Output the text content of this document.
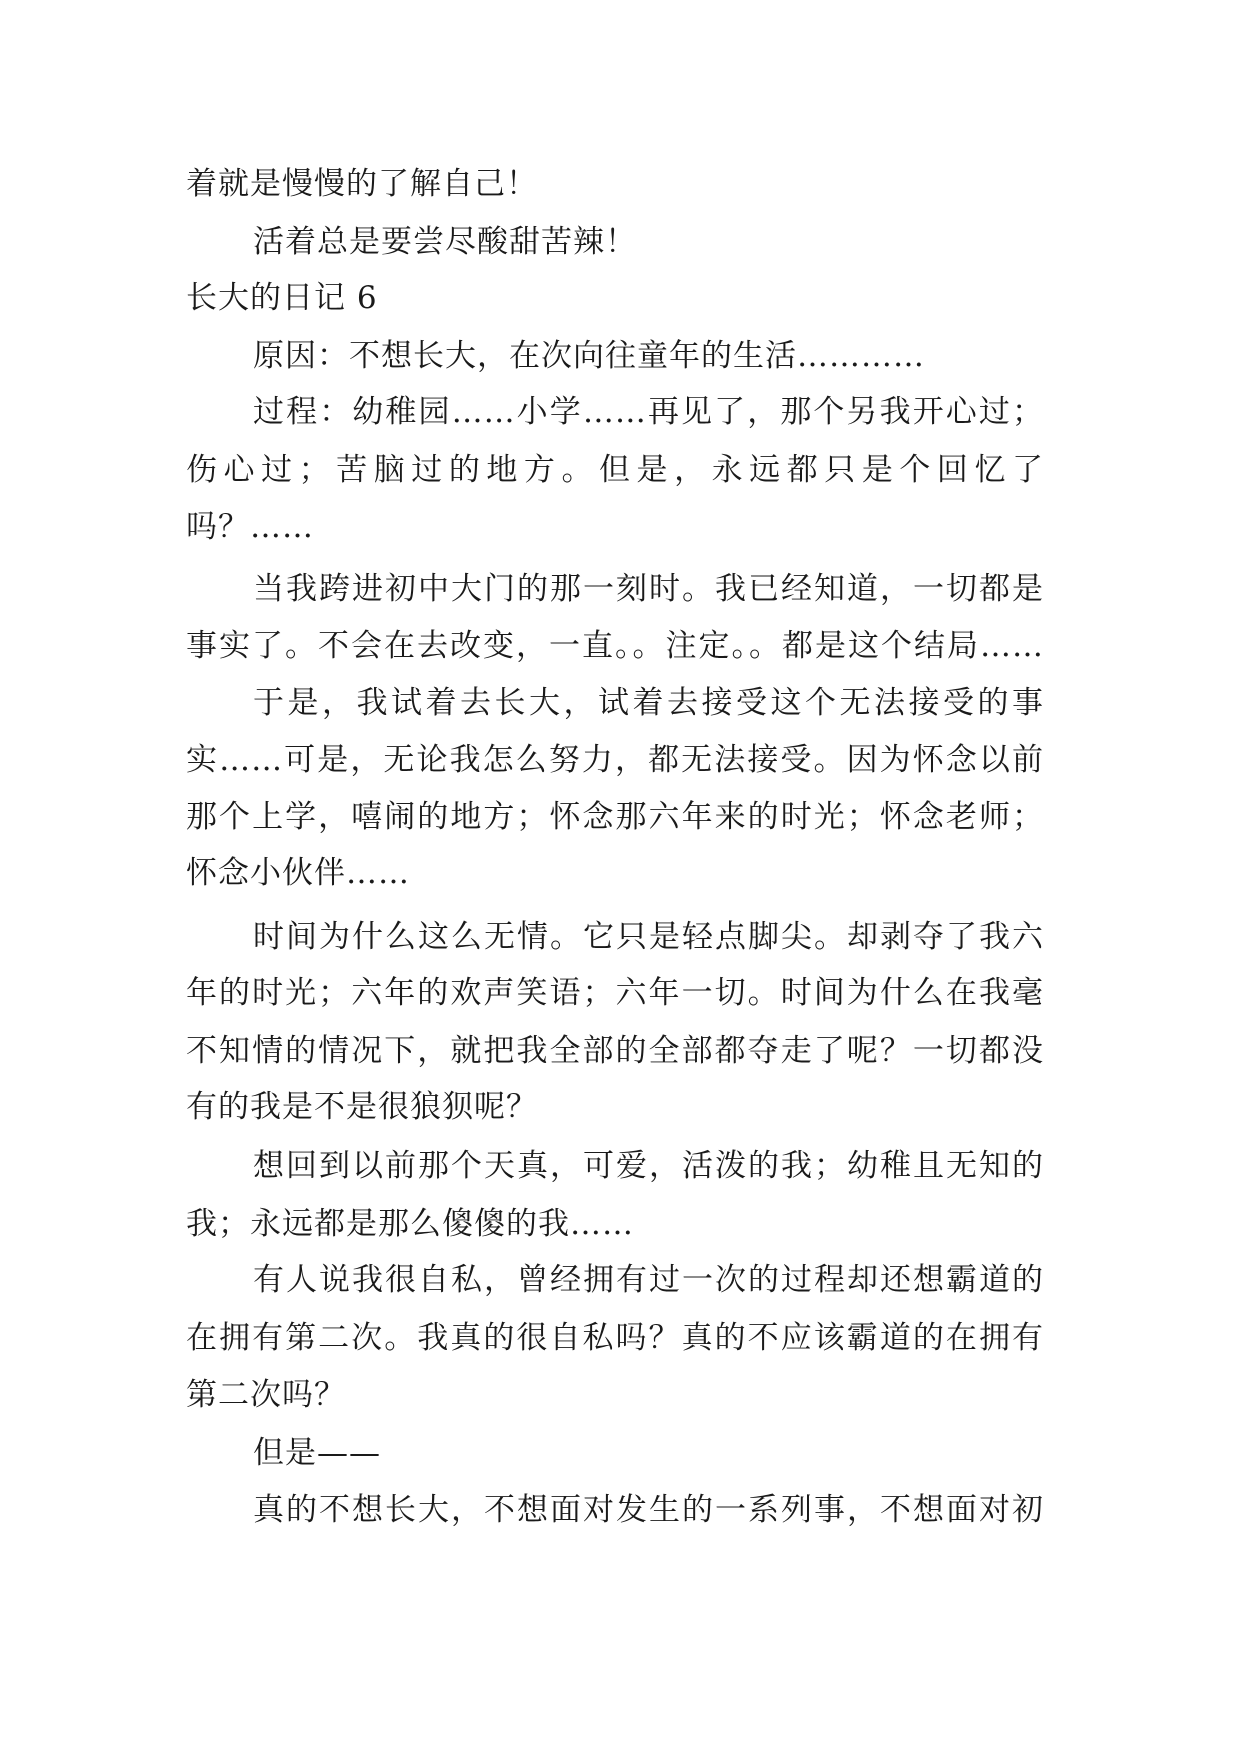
着就是慢慢的了解自己！
活着总是要尝尽酸甜苦辣！
长大的日记 6
原因：不想长大，在次向往童年的生活…………
过程：幼稚园……小学……再见了，那个另我开心过；
伤心过；苦脑过的地方。但是，永远都只是个回忆了
吗？……
当我跨进初中大门的那一刻时。我已经知道，一切都是
事实了。不会在去改变，一直。。注定。。都是这个结局……
于是，我试着去长大，试着去接受这个无法接受的事
实……可是，无论我怎么努力，都无法接受。因为怀念以前
那个上学，嘻闹的地方；怀念那六年来的时光；怀念老师；
怀念小伙伴……
时间为什么这么无情。它只是轻点脚尖。却剥夺了我六
年的时光；六年的欢声笑语；六年一切。时间为什么在我毫
不知情的情况下，就把我全部的全部都夺走了呢？一切都没
有的我是不是很狼狈呢？
想回到以前那个天真，可爱，活泼的我；幼稚且无知的
我；永远都是那么傻傻的我……
有人说我很自私，曾经拥有过一次的过程却还想霸道的
在拥有第二次。我真的很自私吗？真的不应该霸道的在拥有
第二次吗？
但是——
真的不想长大，不想面对发生的一系列事，不想面对初
